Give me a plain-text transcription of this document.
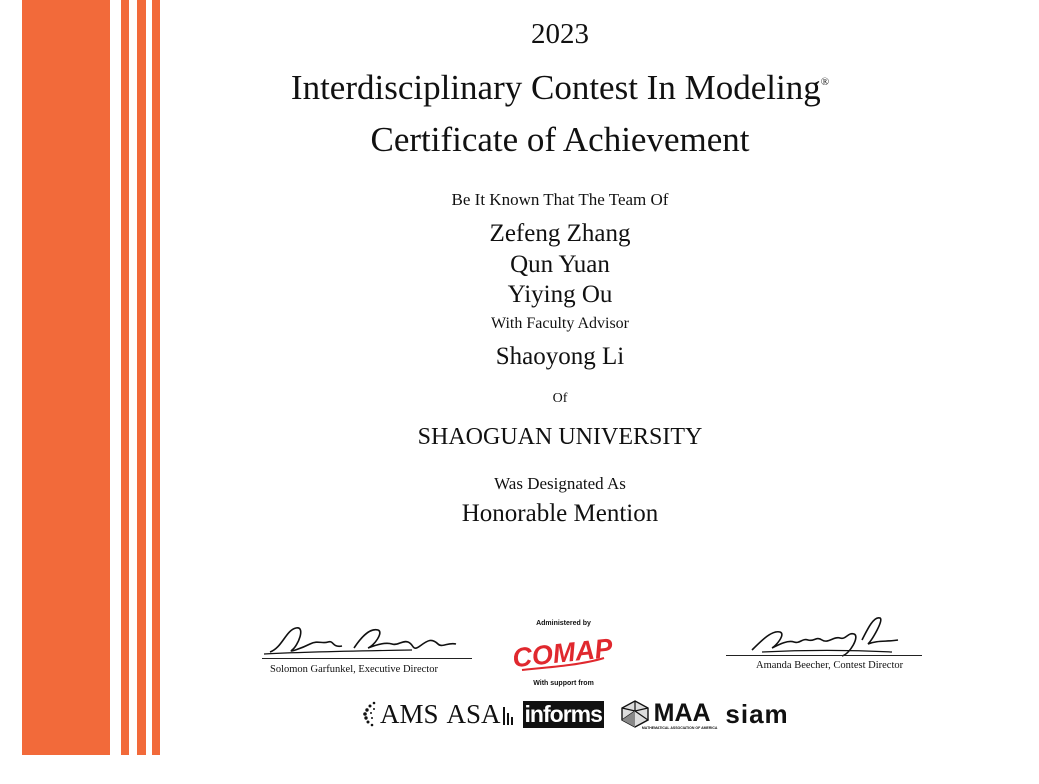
2023
Interdisciplinary Contest In Modeling®
Certificate of Achievement
Be It Known That The Team Of
Zefeng Zhang
Qun Yuan
Yiying Ou
With Faculty Advisor
Shaoyong Li
Of
SHAOGUAN UNIVERSITY
Was Designated As
Honorable Mention
Solomon Garfunkel, Executive Director	Amanda Beecher, Contest Director
Administered by
COMAP
With support from
AMS ASA informs MAA
MATHEMATICAL ASSOCIATION OF AMERICA siam
